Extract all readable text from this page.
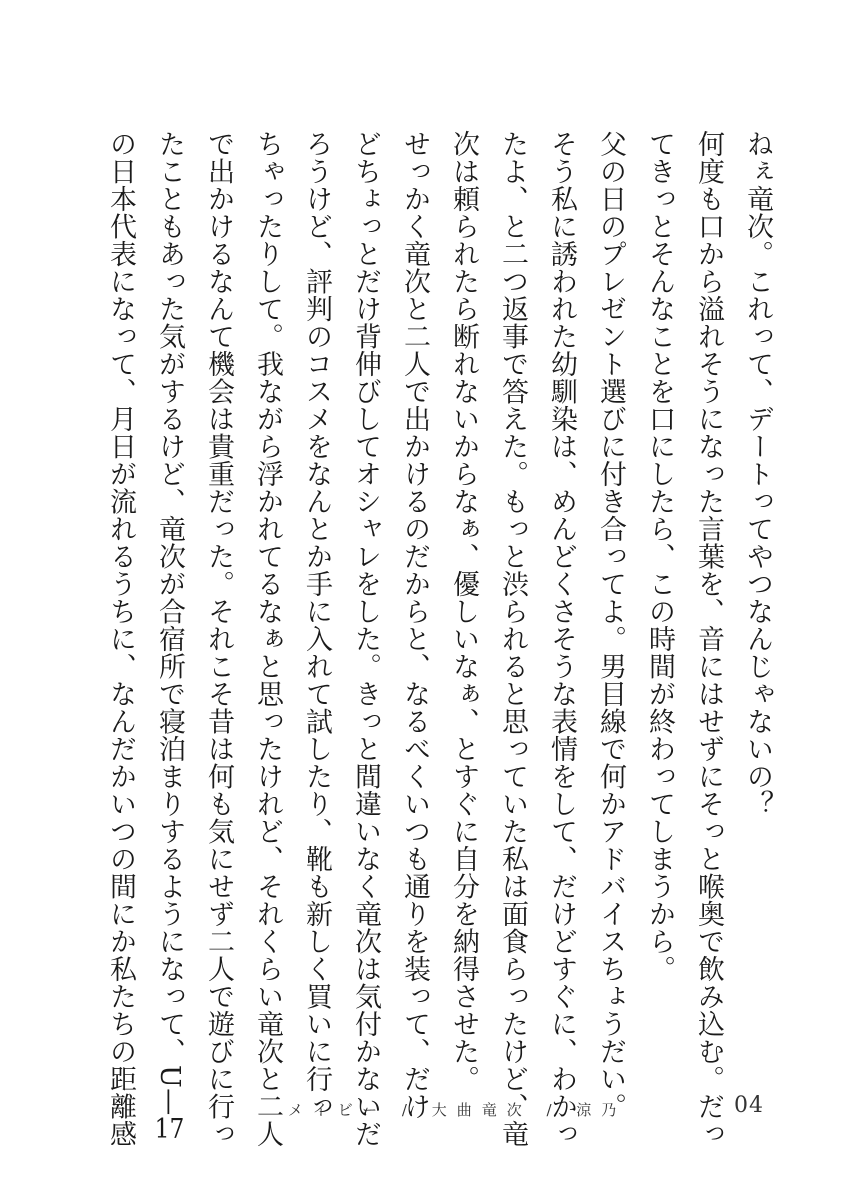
ねぇ竜次。これって、デートってやつなんじゃないの？

何度も口から溢れそうになった言葉を、音にはせずにそっと喉奥で飲み込む。だっ

てきっとそんなことを口にしたら、この時間が終わってしまうから。

父の日のプレゼント選びに付き合ってよ。男目線で何かアドバイスちょうだい。

そう私に誘われた幼馴染は、めんどくさそうな表情をして、だけどすぐに、わかっ

たよ、と二つ返事で答えた。もっと渋られると思っていた私は面食らったけど、竜

次は頼られたら断れないからなぁ、優しいなぁ、とすぐに自分を納得させた。

せっかく竜次と二人で出かけるのだからと、なるべくいつも通りを装って、だけ

どちょっとだけ背伸びしてオシャレをした。きっと間違いなく竜次は気付かないだ

ろうけど、評判のコスメをなんとか手に入れて試したり、靴も新しく買いに行っ

ちゃったりして。我ながら浮かれてるなぁと思ったけれど、それくらい竜次と二人

で出かけるなんて機会は貴重だった。それこそ昔は何も気にせず二人で遊びに行っ

たこともあった気がするけど、竜次が合宿所で寝泊まりするようになって、U—17

の日本代表になって、月日が流れるうちに、なんだかいつの間にか私たちの距離感	メイビー / 大曲竜次 / 涼乃	04
